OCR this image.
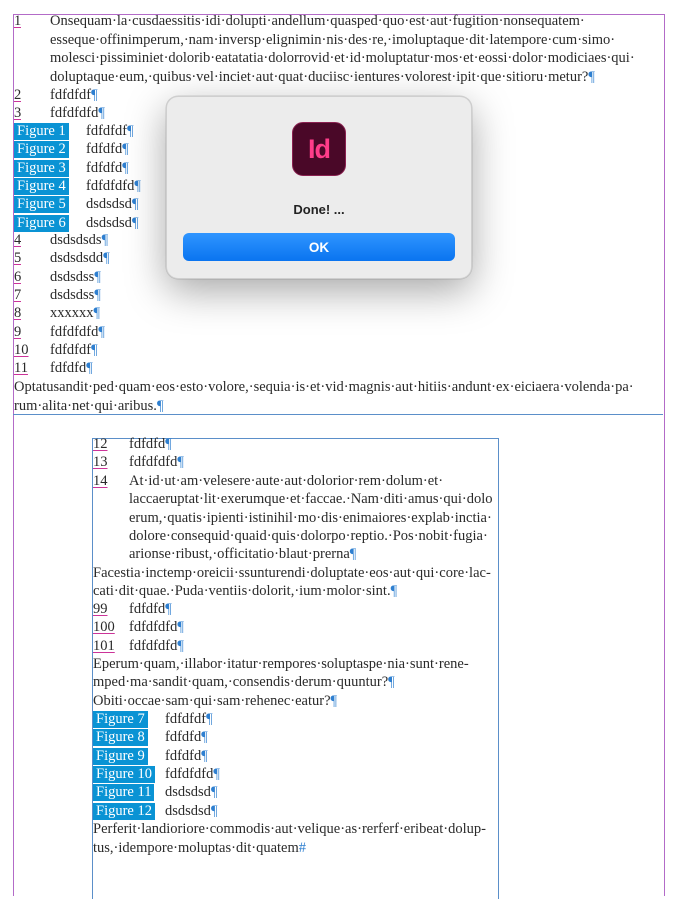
1 Onsequam·la·cusdaessitis·idi·dolupti·andellum·quasped·quo·est·aut·fugition·nonsequatem·
esseque·offinimperum,·nam·inversp·elignimin·nis·des·re,·imoluptaque·dit·latempore·cum·simo·
molesci·pissiminiet·dolorib·eatatatia·dolorrovid·et·id·moluptatur·mos·et·eossi·dolor·modiciaes·qui·
doluptaque·eum,·quibus·vel·inciet·aut·quat·duciisc·ientures·volorest·ipit·que·sitioru·metur?¶
2 fdfdfdf¶
3 fdfdfdfd¶
Figure 1 fdfdfdf¶
Figure 2 fdfdfd¶
Figure 3 fdfdfd¶
Figure 4 fdfdfdfd¶
Figure 5 dsdsdsd¶
Figure 6 dsdsdsd¶
4 dsdsdsds¶
5 dsdsdsdd¶
6 dsdsdss¶
7 dsdsdss¶
8 xxxxxx¶
9 fdfdfdfd¶
10 fdfdfdf¶
11 fdfdfd¶
Optatusandit·ped·quam·eos·esto·volore,·sequia·is·et·vid·magnis·aut·hitiis·andunt·ex·eiciaera·volenda·pa·
rum·alita·net·qui·aribus.¶
12 fdfdfd¶
13 fdfdfdfd¶
14 At·id·ut·am·velesere·aute·aut·dolorior·rem·dolum·et·
laccaeruptat·lit·exerumque·et·faccae.·Nam·diti·amus·qui·dolo
erum,·quatis·ipienti·istinihil·mo·dis·enimaiores·explab·inctia·
dolore·consequid·quaid·quis·dolorpo·reptio.·Pos·nobit·fugia·
arionse·ribust,·officitatio·blaut·prerna¶
Facestia·inctemp·oreicii·ssunturendi·doluptate·eos·aut·qui·core·lac-
cati·dit·quae.·Puda·ventiis·dolorit,·ium·molor·sint.¶
99 fdfdfd¶
100 fdfdfdfd¶
101 fdfdfdfd¶
Eperum·quam,·illabor·itatur·rempores·soluptaspe·nia·sunt·rene-
mped·ma·sandit·quam,·consendis·derum·quuntur?¶
Obiti·occae·sam·qui·sam·rehenec·eatur?¶
Figure 7 fdfdfdf¶
Figure 8 fdfdfd¶
Figure 9 fdfdfd¶
Figure 10 fdfdfdfd¶
Figure 11 dsdsdsd¶
Figure 12 dsdsdsd¶
Perferit·landioriore·commodis·aut·velique·as·rerferf·eribeat·dolup-
tus,·idempore·moluptas·dit·quatem#
Id
Done! ...
OK
